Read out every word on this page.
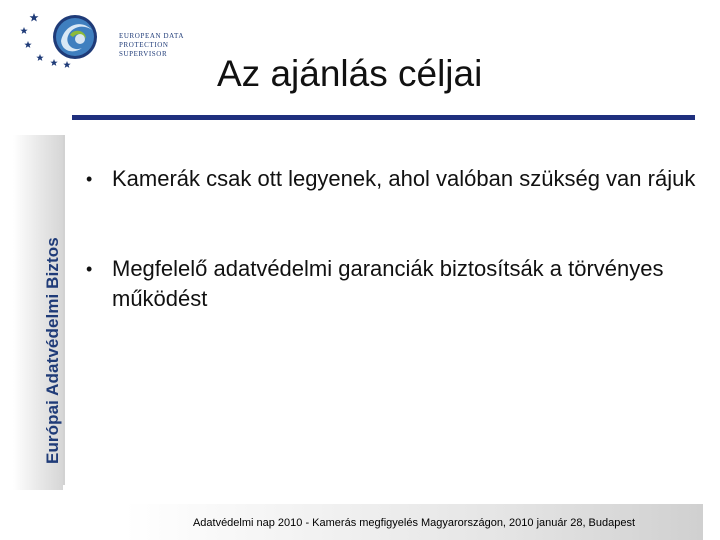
EUROPEAN DATA
PROTECTION SUPERVISOR	Az ajánlás céljai
Európai Adatvédelmi Biztos
• Kamerák csak ott legyenek, ahol valóban szükség van rájuk
• Megfelelő adatvédelmi garanciák biztosítsák a törvényes működést
Adatvédelmi nap 2010 - Kamerás megfigyelés Magyarországon, 2010 január 28, Budapest
